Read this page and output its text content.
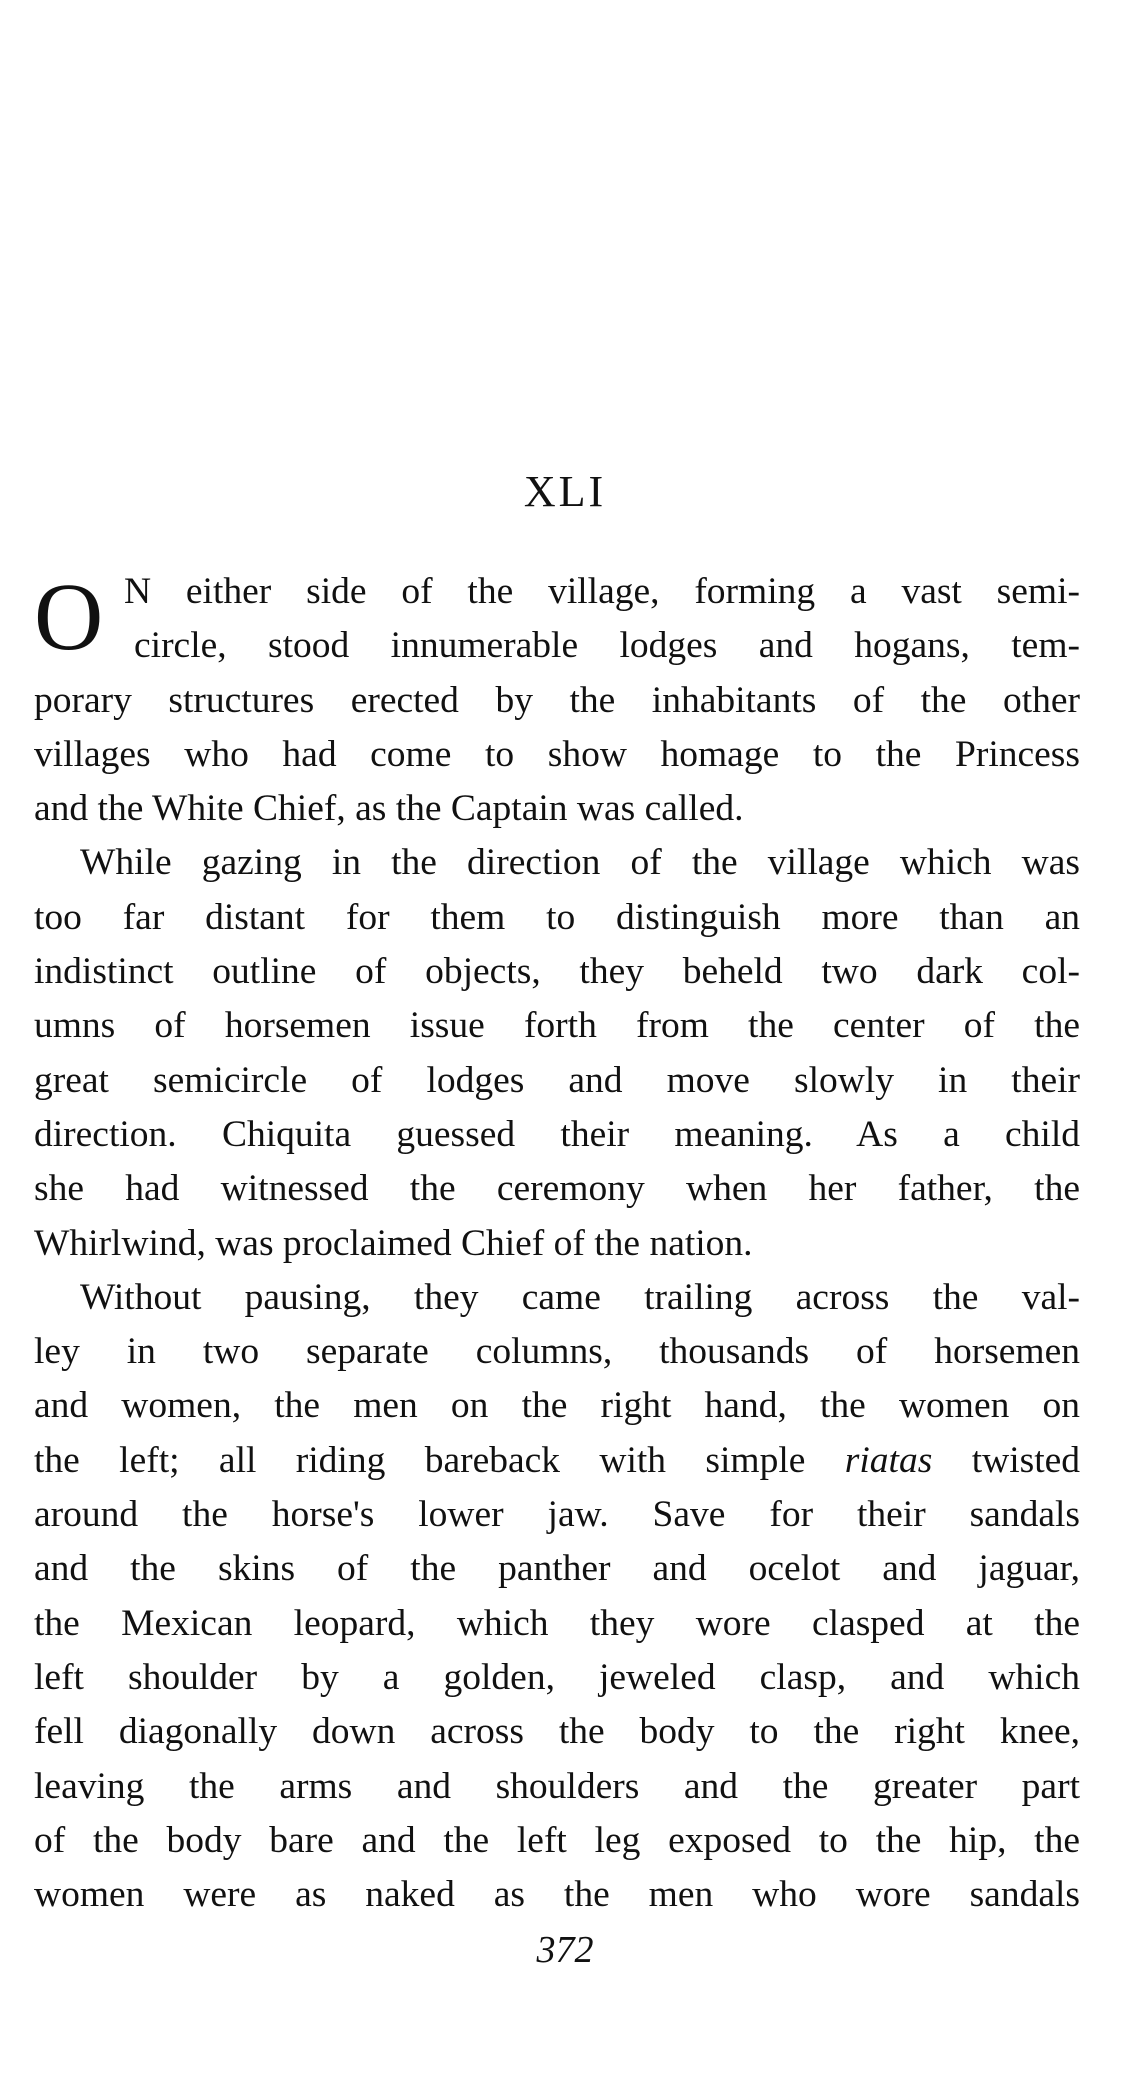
XLI
O N either side of the village, forming a vast semi-
circle, stood innumerable lodges and hogans, tem-
porary structures erected by the inhabitants of the other
villages who had come to show homage to the Princess
and the White Chief, as the Captain was called.
While gazing in the direction of the village which was
too far distant for them to distinguish more than an
indistinct outline of objects, they beheld two dark col-
umns of horsemen issue forth from the center of the
great semicircle of lodges and move slowly in their
direction. Chiquita guessed their meaning. As a child
she had witnessed the ceremony when her father, the
Whirlwind, was proclaimed Chief of the nation.
Without pausing, they came trailing across the val-
ley in two separate columns, thousands of horsemen
and women, the men on the right hand, the women on
the left; all riding bareback with simple riatas twisted
around the horse's lower jaw. Save for their sandals
and the skins of the panther and ocelot and jaguar,
the Mexican leopard, which they wore clasped at the
left shoulder by a golden, jeweled clasp, and which
fell diagonally down across the body to the right knee,
leaving the arms and shoulders and the greater part
of the body bare and the left leg exposed to the hip, the
women were as naked as the men who wore sandals
372
